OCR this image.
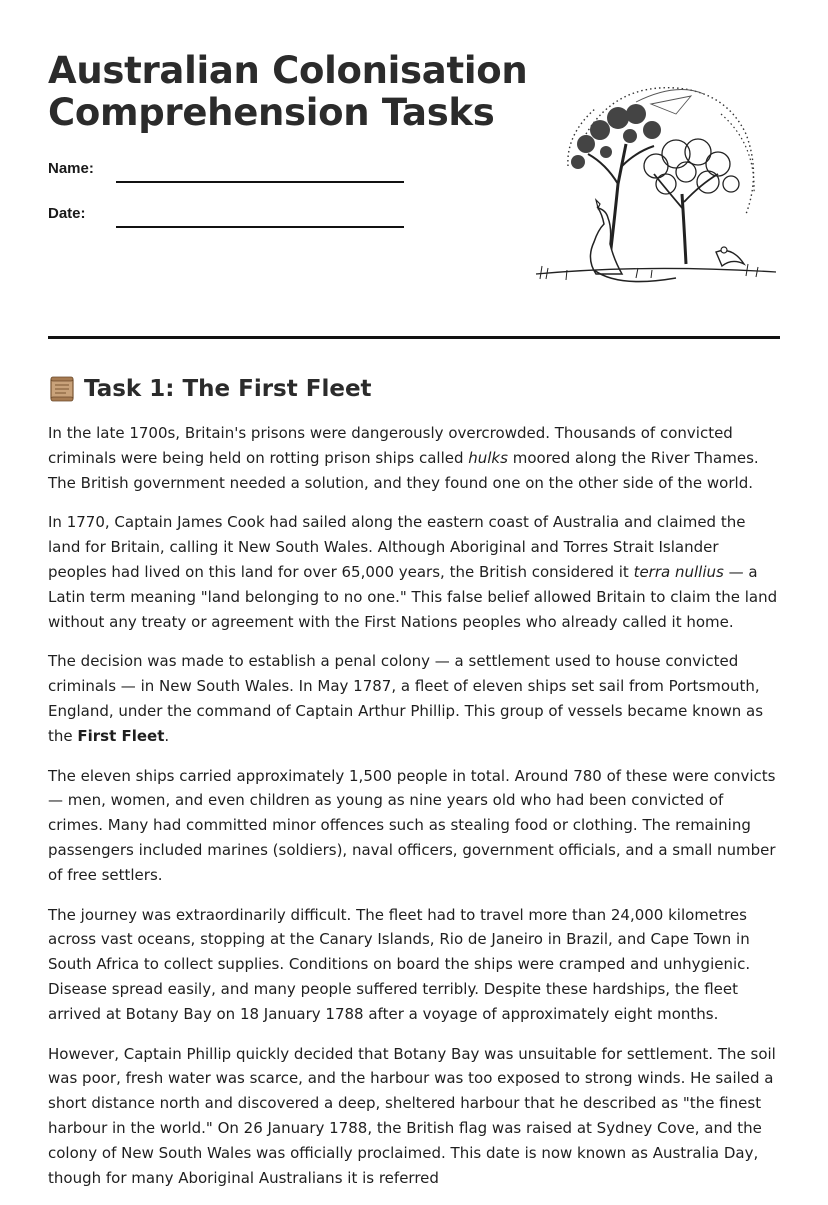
Australian Colonisation
Comprehension Tasks
Name:
Date:
Task 1: The First Fleet

In the late 1700s, Britain's prisons were dangerously overcrowded. Thousands of convicted criminals were being held on rotting prison ships called hulks moored along the River Thames. The British government needed a solution, and they found one on the other side of the world.

In 1770, Captain James Cook had sailed along the eastern coast of Australia and claimed the land for Britain, calling it New South Wales. Although Aboriginal and Torres Strait Islander peoples had lived on this land for over 65,000 years, the British considered it terra nullius — a Latin term meaning "land belonging to no one." This false belief allowed Britain to claim the land without any treaty or agreement with the First Nations peoples who already called it home.

The decision was made to establish a penal colony — a settlement used to house convicted criminals — in New South Wales. In May 1787, a fleet of eleven ships set sail from Portsmouth, England, under the command of Captain Arthur Phillip. This group of vessels became known as the First Fleet.

The eleven ships carried approximately 1,500 people in total. Around 780 of these were convicts — men, women, and even children as young as nine years old who had been convicted of crimes. Many had committed minor offences such as stealing food or clothing. The remaining passengers included marines (soldiers), naval officers, government officials, and a small number of free settlers.

The journey was extraordinarily difficult. The fleet had to travel more than 24,000 kilometres across vast oceans, stopping at the Canary Islands, Rio de Janeiro in Brazil, and Cape Town in South Africa to collect supplies. Conditions on board the ships were cramped and unhygienic. Disease spread easily, and many people suffered terribly. Despite these hardships, the fleet arrived at Botany Bay on 18 January 1788 after a voyage of approximately eight months.

However, Captain Phillip quickly decided that Botany Bay was unsuitable for settlement. The soil was poor, fresh water was scarce, and the harbour was too exposed to strong winds. He sailed a short distance north and discovered a deep, sheltered harbour that he described as "the finest harbour in the world." On 26 January 1788, the British flag was raised at Sydney Cove, and the colony of New South Wales was officially proclaimed. This date is now known as Australia Day, though for many Aboriginal Australians it is referred
